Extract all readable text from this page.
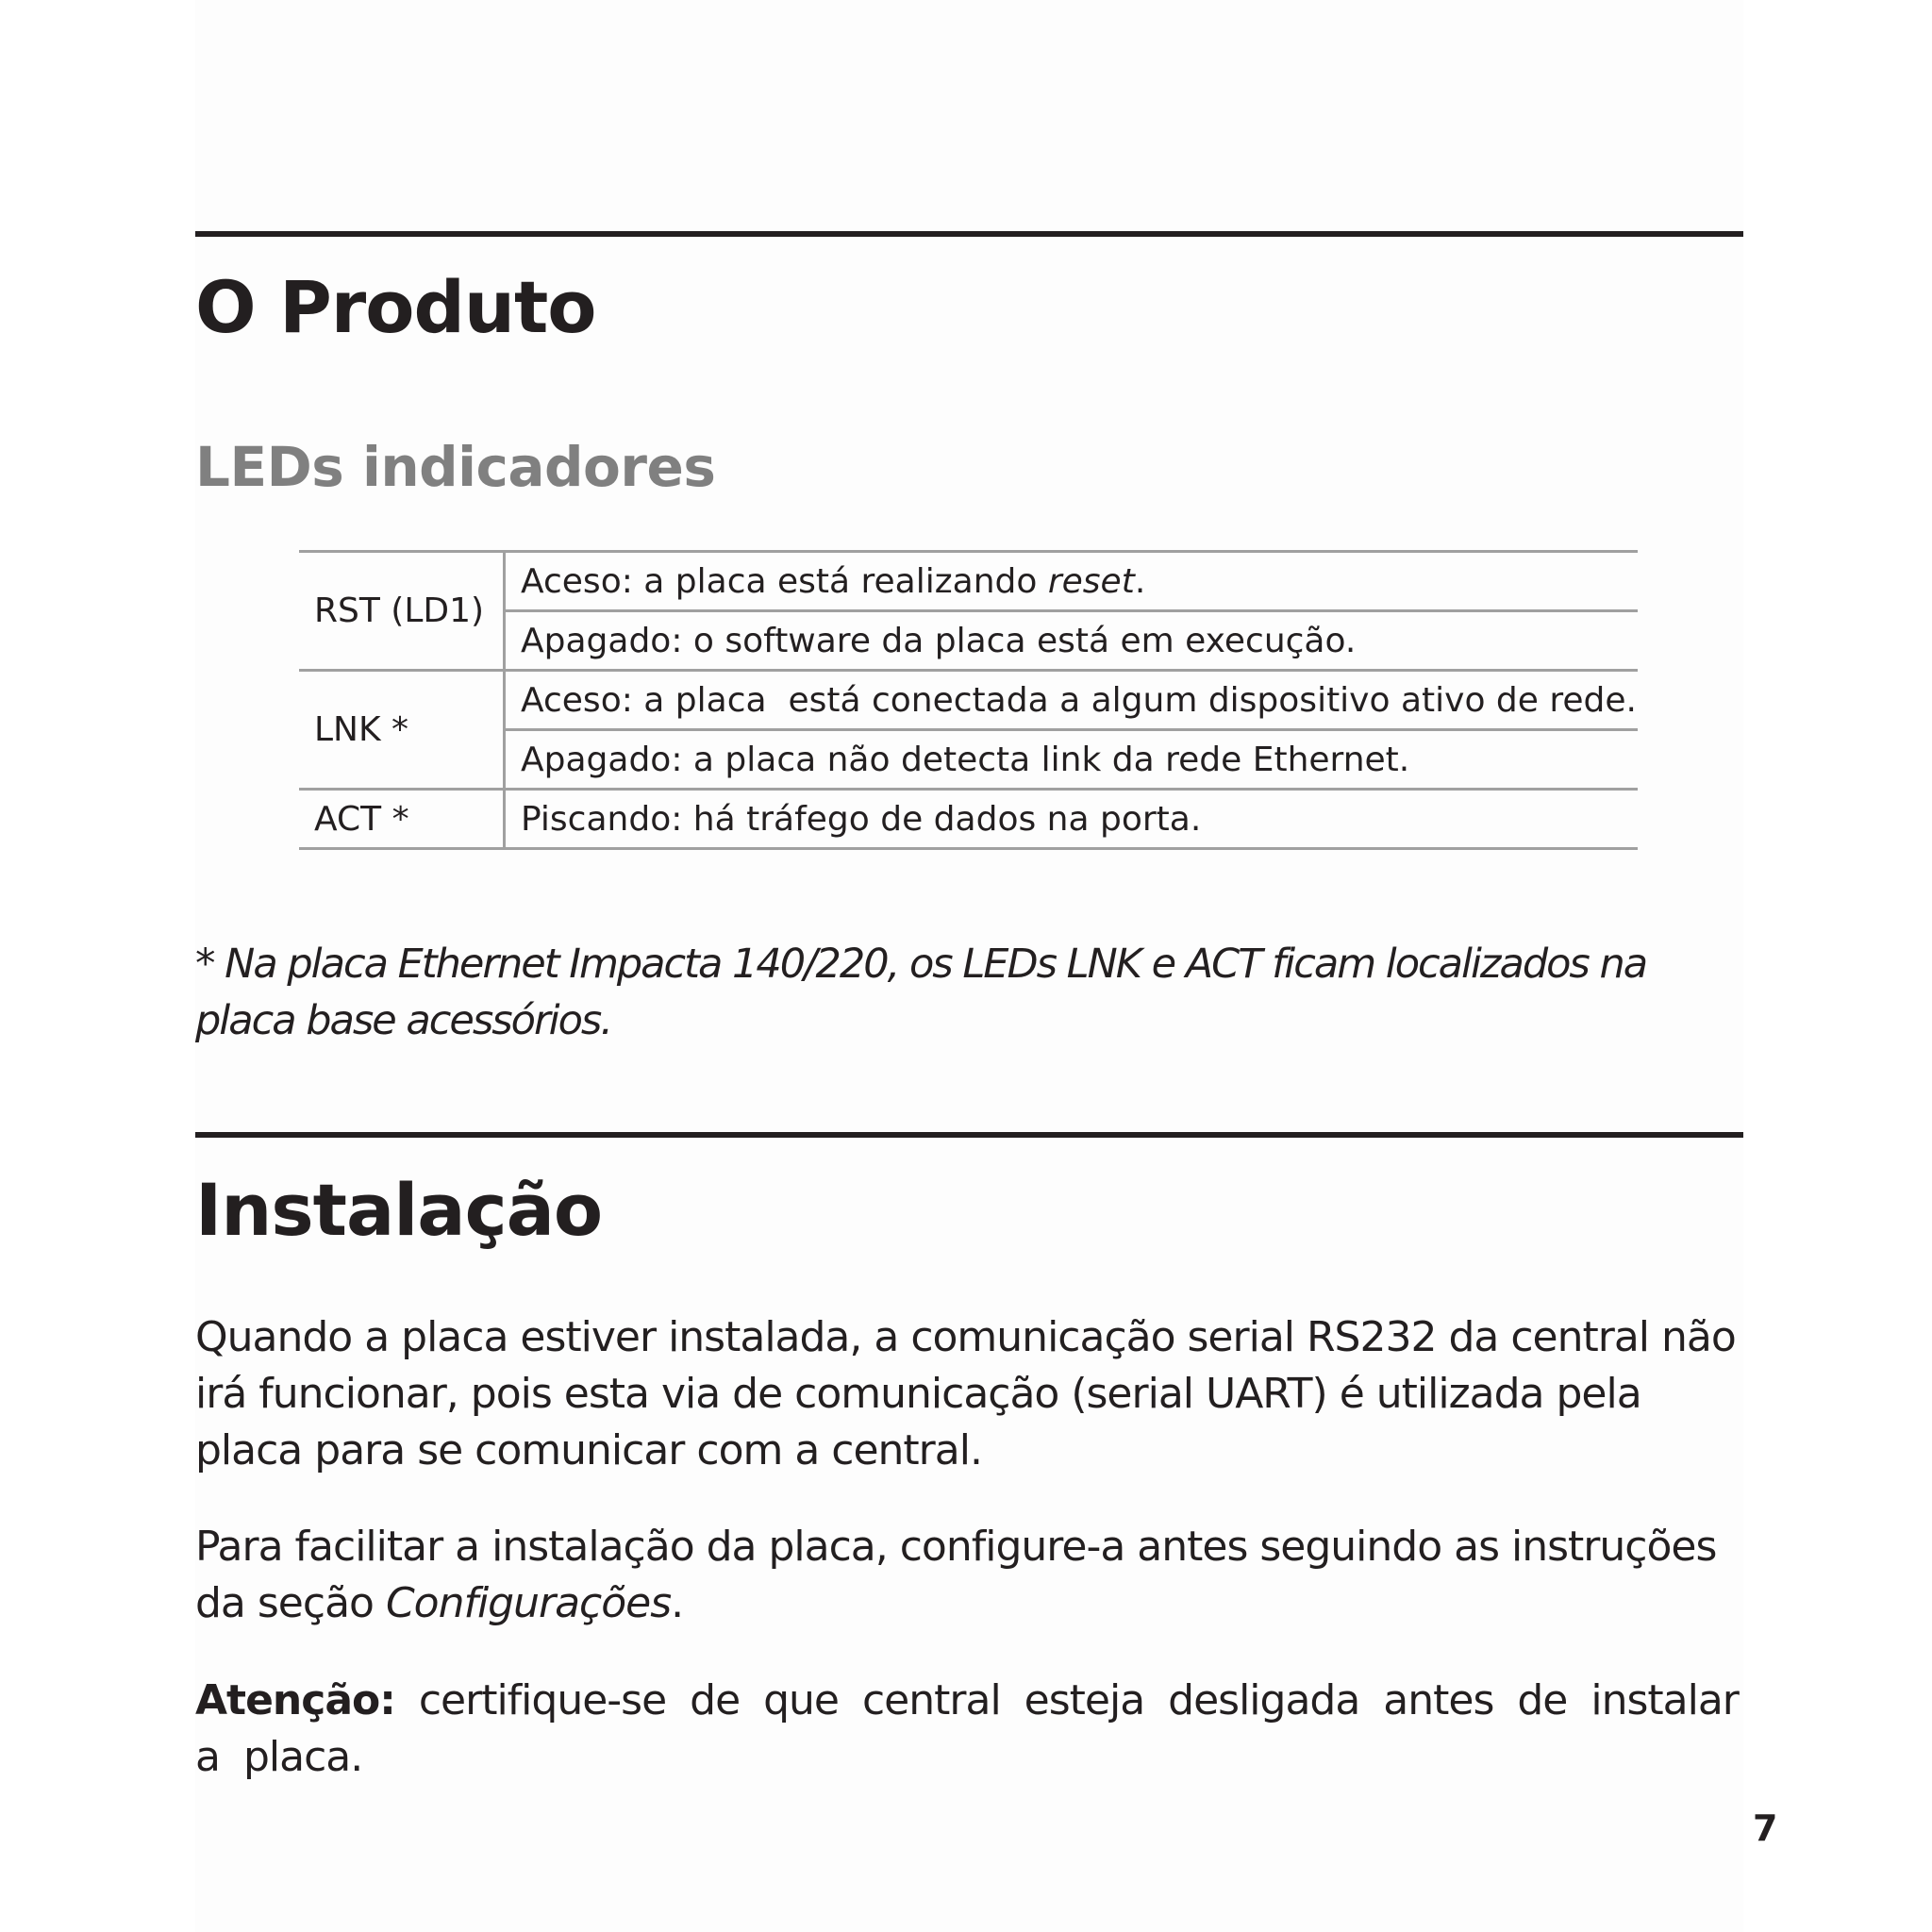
O Produto
LEDs indicadores
RST (LD1)	Aceso: a placa está realizando reset.
	Apagado: o software da placa está em execução.
LNK *	Aceso: a placa  está conectada a algum dispositivo ativo de rede.
	Apagado: a placa não detecta link da rede Ethernet.
ACT *	Piscando: há tráfego de dados na porta.

* Na placa Ethernet Impacta 140/220, os LEDs LNK e ACT ficam localizados na placa base acessórios.

Instalação

Quando a placa estiver instalada, a comunicação serial RS232 da central não irá funcionar, pois esta via de comunicação (serial UART) é utilizada pela placa para se comunicar com a central.

Para facilitar a instalação da placa, configure-a antes seguindo as instruções da seção Configurações.

Atenção: certifique-se de que central esteja desligada antes de instalar a placa.

7
